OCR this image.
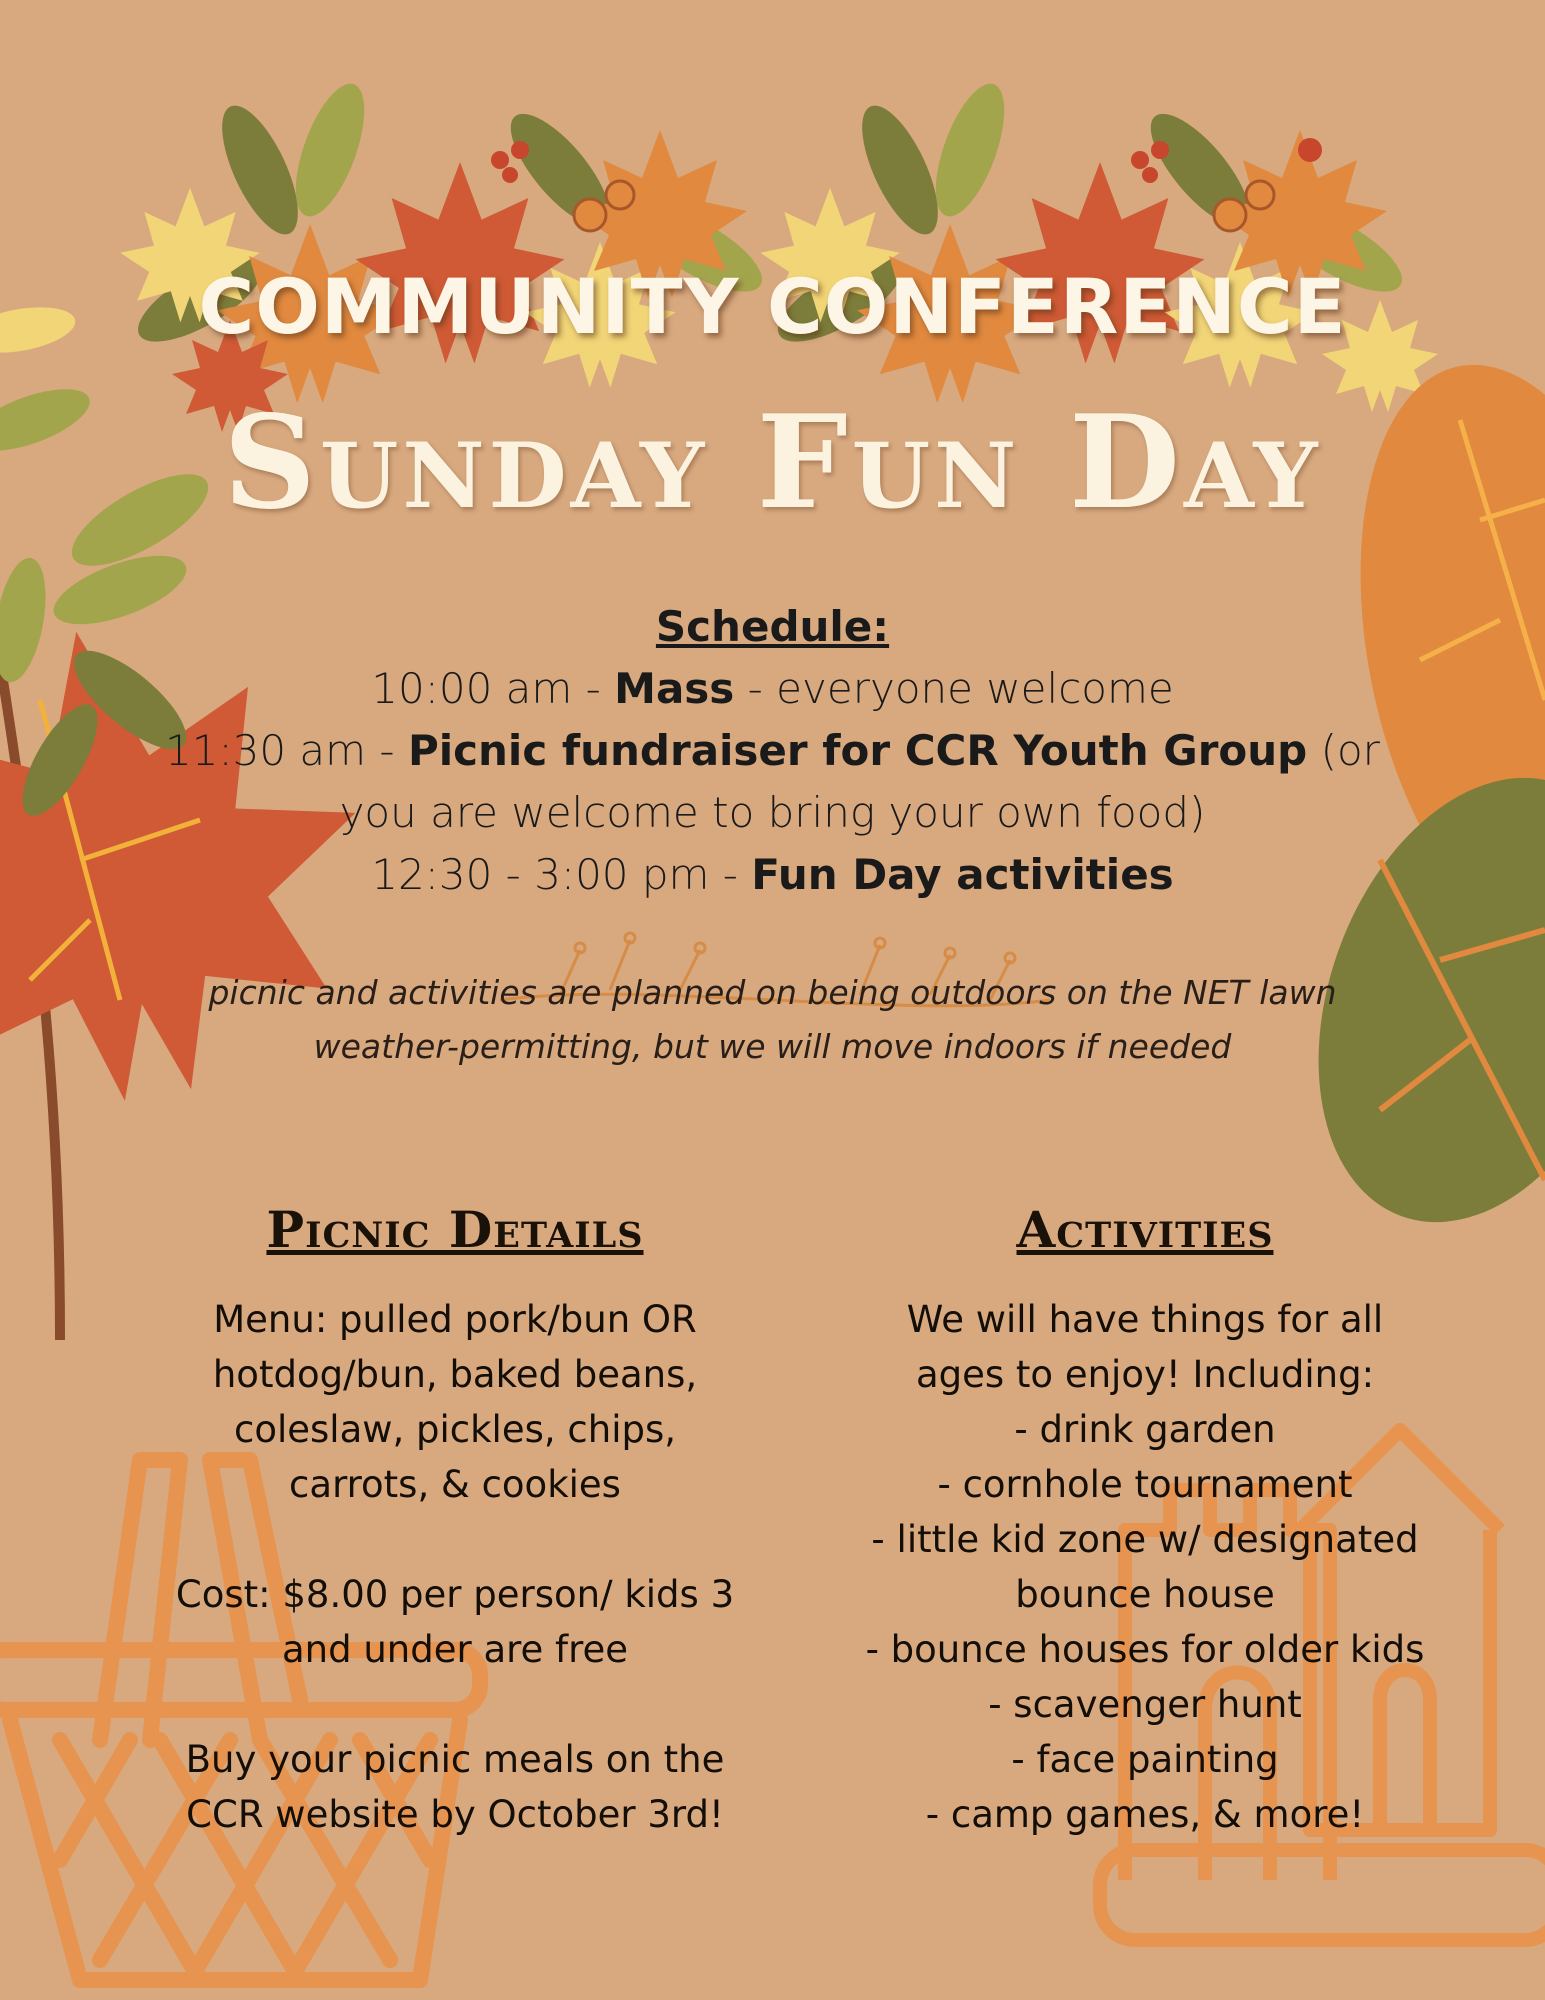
COMMUNITY CONFERENCE
Sunday Fun Day
Schedule:
10:00 am - Mass - everyone welcome
11:30 am - Picnic fundraiser for CCR Youth Group (or you are welcome to bring your own food)
12:30 - 3:00 pm - Fun Day activities
picnic and activities are planned on being outdoors on the NET lawn
weather-permitting, but we will move indoors if needed
Picnic Details
Menu: pulled pork/bun OR hotdog/bun, baked beans, coleslaw, pickles, chips, carrots, & cookies
Cost: $8.00 per person/ kids 3 and under are free
Buy your picnic meals on the CCR website by October 3rd!
Activities
We will have things for all ages to enjoy! Including:
- drink garden
- cornhole tournament
- little kid zone w/ designated bounce house
- bounce houses for older kids
- scavenger hunt
- face painting
- camp games, & more!
